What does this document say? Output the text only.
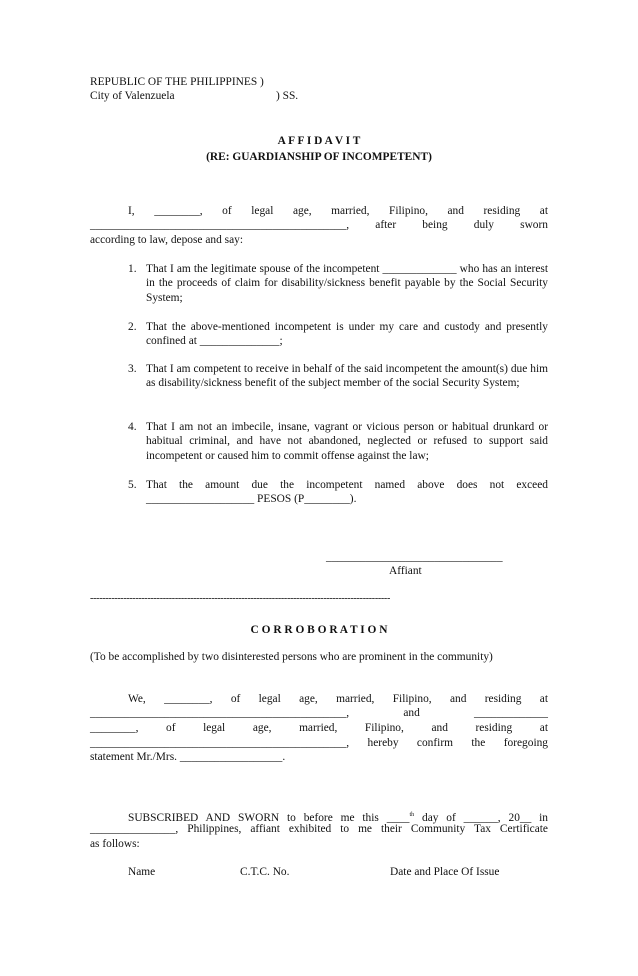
REPUBLIC OF THE PHILIPPINES )
City of Valenzuela	) SS.
A F F I D A V I T
(RE: GUARDIANSHIP OF INCOMPETENT)
I, ________, of legal age, married, Filipino, and residing at
_____________________________________________, after being duly sworn
according to law, depose and say:
1. That I am the legitimate spouse of the incompetent _____________ who has an interest in the proceeds of claim for disability/sickness benefit payable by the Social Security System;
2. That the above-mentioned incompetent is under my care and custody and presently confined at ______________;
3. That I am competent to receive in behalf of the said incompetent the amount(s) due him as disability/sickness benefit of the subject member of the social Security System;
4. That I am not an imbecile, insane, vagrant or vicious person or habitual drunkard or habitual criminal, and have not abandoned, neglected or refused to support said incompetent or caused him to commit offense against the law;
5. That the amount due the incompetent named above does not exceed ___________________ PESOS (P________).
_______________________________
Affiant
---------------------------------------------------------------------------------------------------
C O R R O B O R A T I O N
(To be accomplished by two disinterested persons who are prominent in the community)
We, ________, of legal age, married, Filipino, and residing at
_____________________________________________, and _____________
________, of legal age, married, Filipino, and residing at
_____________________________________________, hereby confirm the foregoing
statement Mr./Mrs. __________________.
SUBSCRIBED AND SWORN to before me this ____$^{th}$ day of ______, 20__ in
_______________, Philippines, affiant exhibited to me their Community Tax Certificate
as follows:
Name	C.T.C. No.	Date and Place Of Issue
